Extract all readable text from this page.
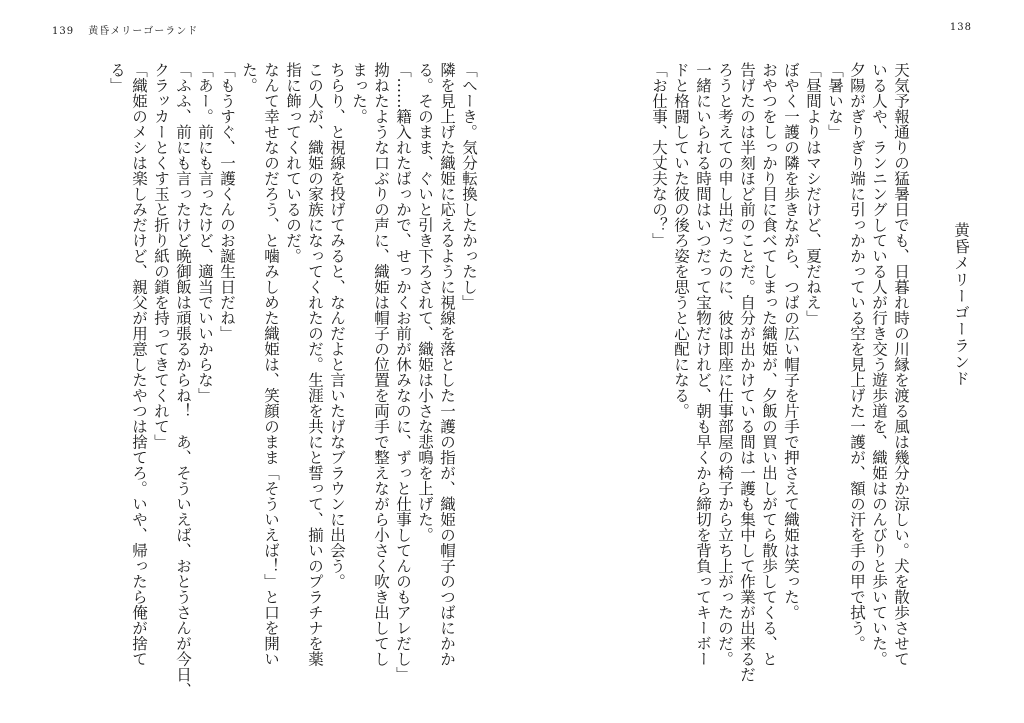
139 黄昏メリーゴーランド	138
黄昏メリーゴーランド
天気予報通りの猛暑日でも、日暮れ時の川縁を渡る風は幾分か涼しい。犬を散歩させて
いる人や、ランニングしている人が行き交う遊歩道を、織姫はのんびりと歩いていた。
夕陽がぎりぎり端に引っかかっている空を見上げた一護が、額の汗を手の甲で拭う。
「暑いな」
「昼間よりはマシだけど、夏だねえ」
ぼやく一護の隣を歩きながら、つばの広い帽子を片手で押さえて織姫は笑った。
おやつをしっかり目に食べてしまった織姫が、夕飯の買い出しがてら散歩してくる、と
告げたのは半刻ほど前のことだ。自分が出かけている間は一護も集中して作業が出来るだ
ろうと考えての申し出だったのに、彼は即座に仕事部屋の椅子から立ち上がったのだ。
一緒にいられる時間はいつだって宝物だけれど、朝も早くから締切を背負ってキーボー
ドと格闘していた彼の後ろ姿を思うと心配になる。
「お仕事、大丈夫なの？」
「へーき。気分転換したかったし」
隣を見上げた織姫に応えるように視線を落とした一護の指が、織姫の帽子のつばにかか
る。そのまま、ぐいと引き下ろされて、織姫は小さな悲鳴を上げた。
「……籍入れたばっかで、せっかくお前が休みなのに、ずっと仕事してんのもアレだし」
拗ねたような口ぶりの声に、織姫は帽子の位置を両手で整えながら小さく吹き出してし
まった。
ちらり、と視線を投げてみると、なんだよと言いたげなブラウンに出会う。
この人が、織姫の家族になってくれたのだ。生涯を共にと誓って、揃いのプラチナを薬
指に飾ってくれているのだ。
なんて幸せなのだろう、と噛みしめた織姫は、笑顔のまま「そういえば！」と口を開い
た。
「もうすぐ、一護くんのお誕生日だね」
「あー。前にも言ったけど、適当でいいからな」
「ふふ、前にも言ったけど晩御飯は頑張るからね！　あ、そういえば、おとうさんが今日、
クラッカーとくす玉と折り紙の鎖を持ってきてくれて」
「織姫のメシは楽しみだけど、親父が用意したやつは捨てろ。いや、帰ったら俺が捨て
る」
